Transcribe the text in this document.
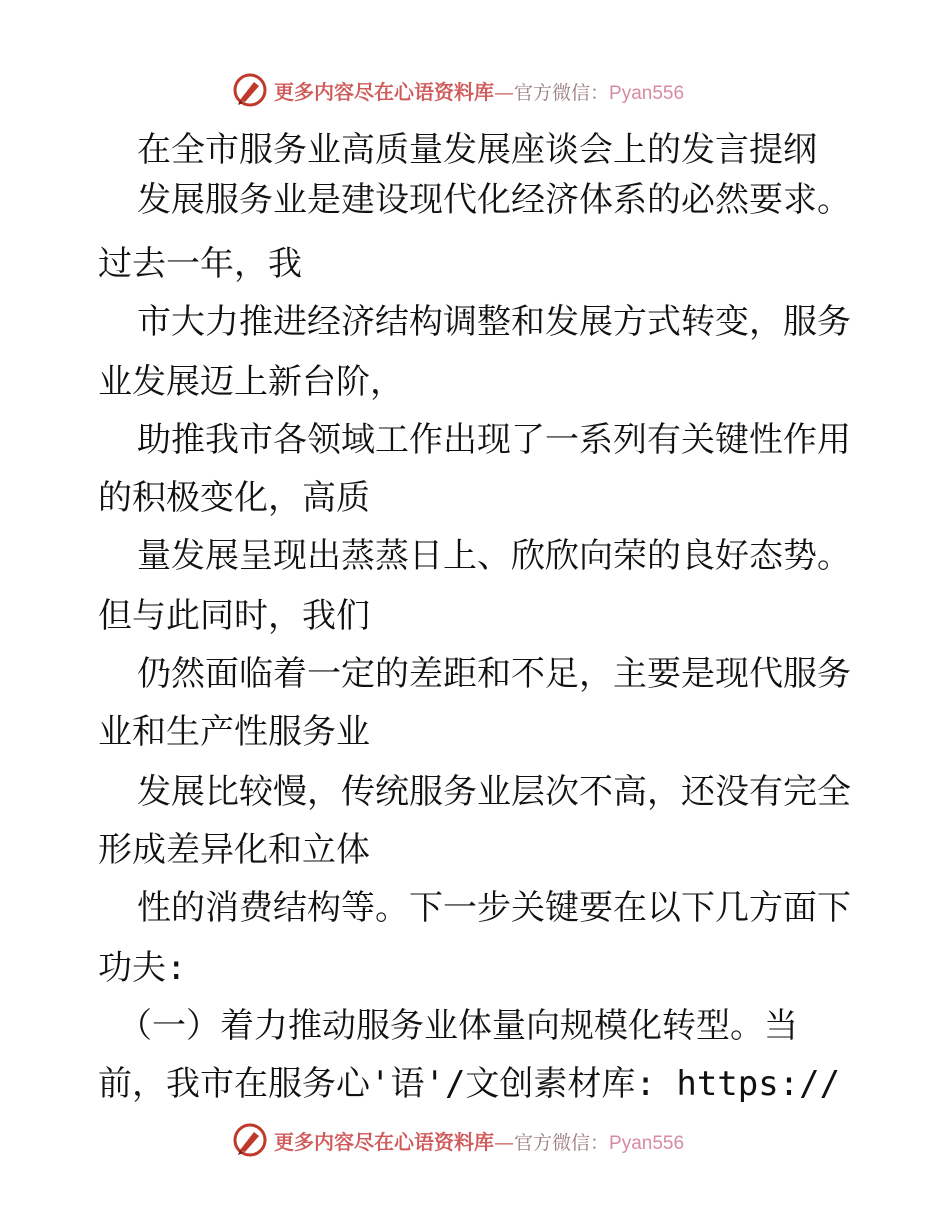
更多内容尽在心语资料库—官方微信：Pyan556
在全市服务业高质量发展座谈会上的发言提纲
发展服务业是建设现代化经济体系的必然要求。
过去一年，我
市大力推进经济结构调整和发展方式转变，服务
业发展迈上新台阶，
助推我市各领域工作出现了一系列有关键性作用
的积极变化，高质
量发展呈现出蒸蒸日上、欣欣向荣的良好态势。
但与此同时，我们
仍然面临着一定的差距和不足，主要是现代服务
业和生产性服务业
发展比较慢，传统服务业层次不高，还没有完全
形成差异化和立体
性的消费结构等。下一步关键要在以下几方面下
功夫:
（一）着力推动服务业体量向规模化转型。当
前，我市在服务心'语'/文创素材库: https://
更多内容尽在心语资料库—官方微信：Pyan556
